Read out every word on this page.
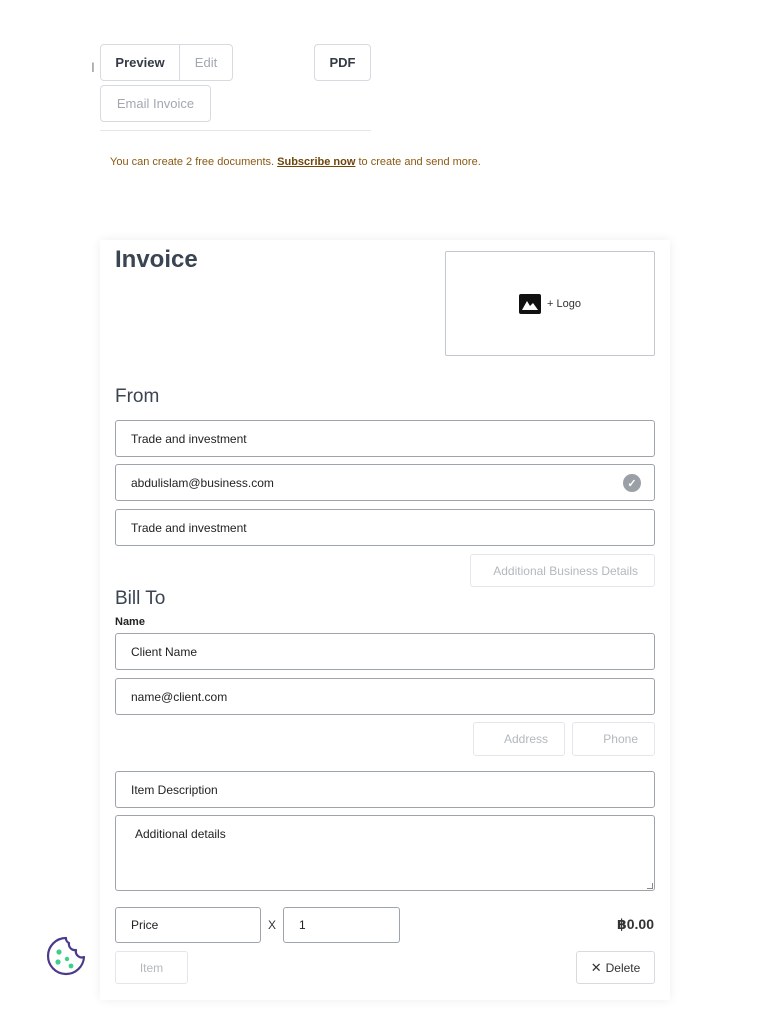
I	Preview	Edit	PDF
Email Invoice
You can create 2 free documents. Subscribe now to create and send more.
Invoice
+ Logo
From
Trade and investment
abdulislam@business.com	✓
Trade and investment
Additional Business Details
Bill To
Name
Client Name
name@client.com
Address	Phone
Item Description
Additional details
Price	X 1	฿0.00
Item	✕ Delete
